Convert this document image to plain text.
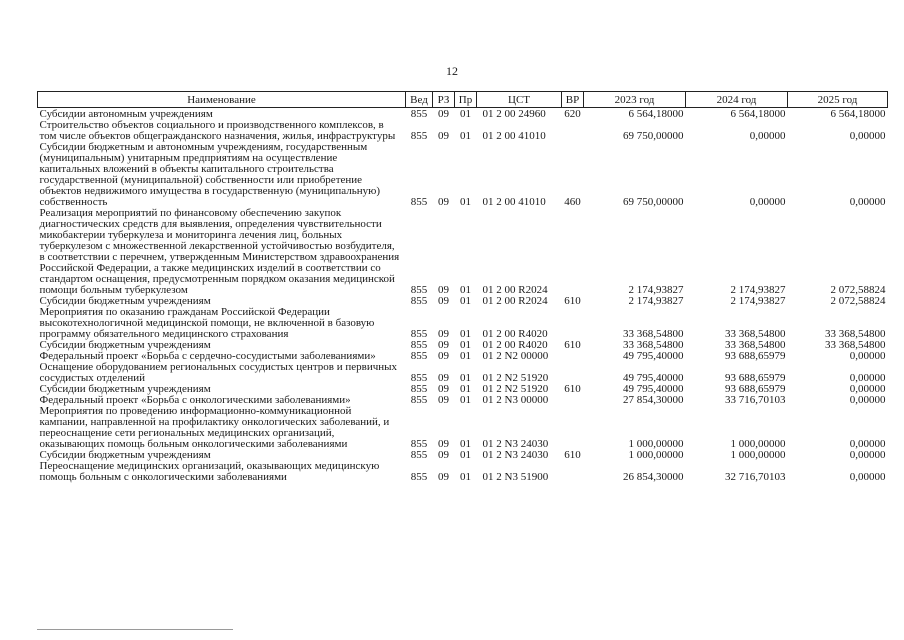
12
Наименование	Вед	РЗ	Пр	ЦСТ	ВР	2023 год	2024 год	2025 год
Субсидии автономным учреждениям	855	09	01	01 2 00 24960	620	6 564,18000	6 564,18000	6 564,18000
Строительство объектов социального и производственного комплексов, в том числе объектов общегражданского назначения, жилья, инфраструктуры	855	09	01	01 2 00 41010		69 750,00000	0,00000	0,00000
Субсидии бюджетным и автономным учреждениям, государственным (муниципальным) унитарным предприятиям на осуществление капитальных вложений в объекты капитального строительства государственной (муниципальной) собственности или приобретение объектов недвижимого имущества в государственную (муниципальную) собственность	855	09	01	01 2 00 41010	460	69 750,00000	0,00000	0,00000
Реализация мероприятий по финансовому обеспечению закупок диагностических средств для выявления, определения чувствительности микобактерии туберкулеза и мониторинга лечения лиц, больных туберкулезом с множественной лекарственной устойчивостью возбудителя, в соответствии с перечнем, утвержденным Министерством здравоохранения Российской Федерации, а также медицинских изделий в соответствии со стандартом оснащения, предусмотренным порядком оказания медицинской помощи больным туберкулезом	855	09	01	01 2 00 R2024		2 174,93827	2 174,93827	2 072,58824
Субсидии бюджетным учреждениям	855	09	01	01 2 00 R2024	610	2 174,93827	2 174,93827	2 072,58824
Мероприятия по оказанию гражданам Российской Федерации высокотехнологичной медицинской помощи, не включенной в базовую программу обязательного медицинского страхования	855	09	01	01 2 00 R4020		33 368,54800	33 368,54800	33 368,54800
Субсидии бюджетным учреждениям	855	09	01	01 2 00 R4020	610	33 368,54800	33 368,54800	33 368,54800
Федеральный проект «Борьба с сердечно-сосудистыми заболеваниями»	855	09	01	01 2 N2 00000		49 795,40000	93 688,65979	0,00000
Оснащение оборудованием региональных сосудистых центров и первичных сосудистых отделений	855	09	01	01 2 N2 51920		49 795,40000	93 688,65979	0,00000
Субсидии бюджетным учреждениям	855	09	01	01 2 N2 51920	610	49 795,40000	93 688,65979	0,00000
Федеральный проект «Борьба с онкологическими заболеваниями»	855	09	01	01 2 N3 00000		27 854,30000	33 716,70103	0,00000
Мероприятия по проведению информационно-коммуникационной кампании, направленной на профилактику онкологических заболеваний, и переоснащение сети региональных медицинских организаций, оказывающих помощь больным онкологическими заболеваниями	855	09	01	01 2 N3 24030		1 000,00000	1 000,00000	0,00000
Субсидии бюджетным учреждениям	855	09	01	01 2 N3 24030	610	1 000,00000	1 000,00000	0,00000
Переоснащение медицинских организаций, оказывающих медицинскую помощь больным с онкологическими заболеваниями	855	09	01	01 2 N3 51900		26 854,30000	32 716,70103	0,00000
